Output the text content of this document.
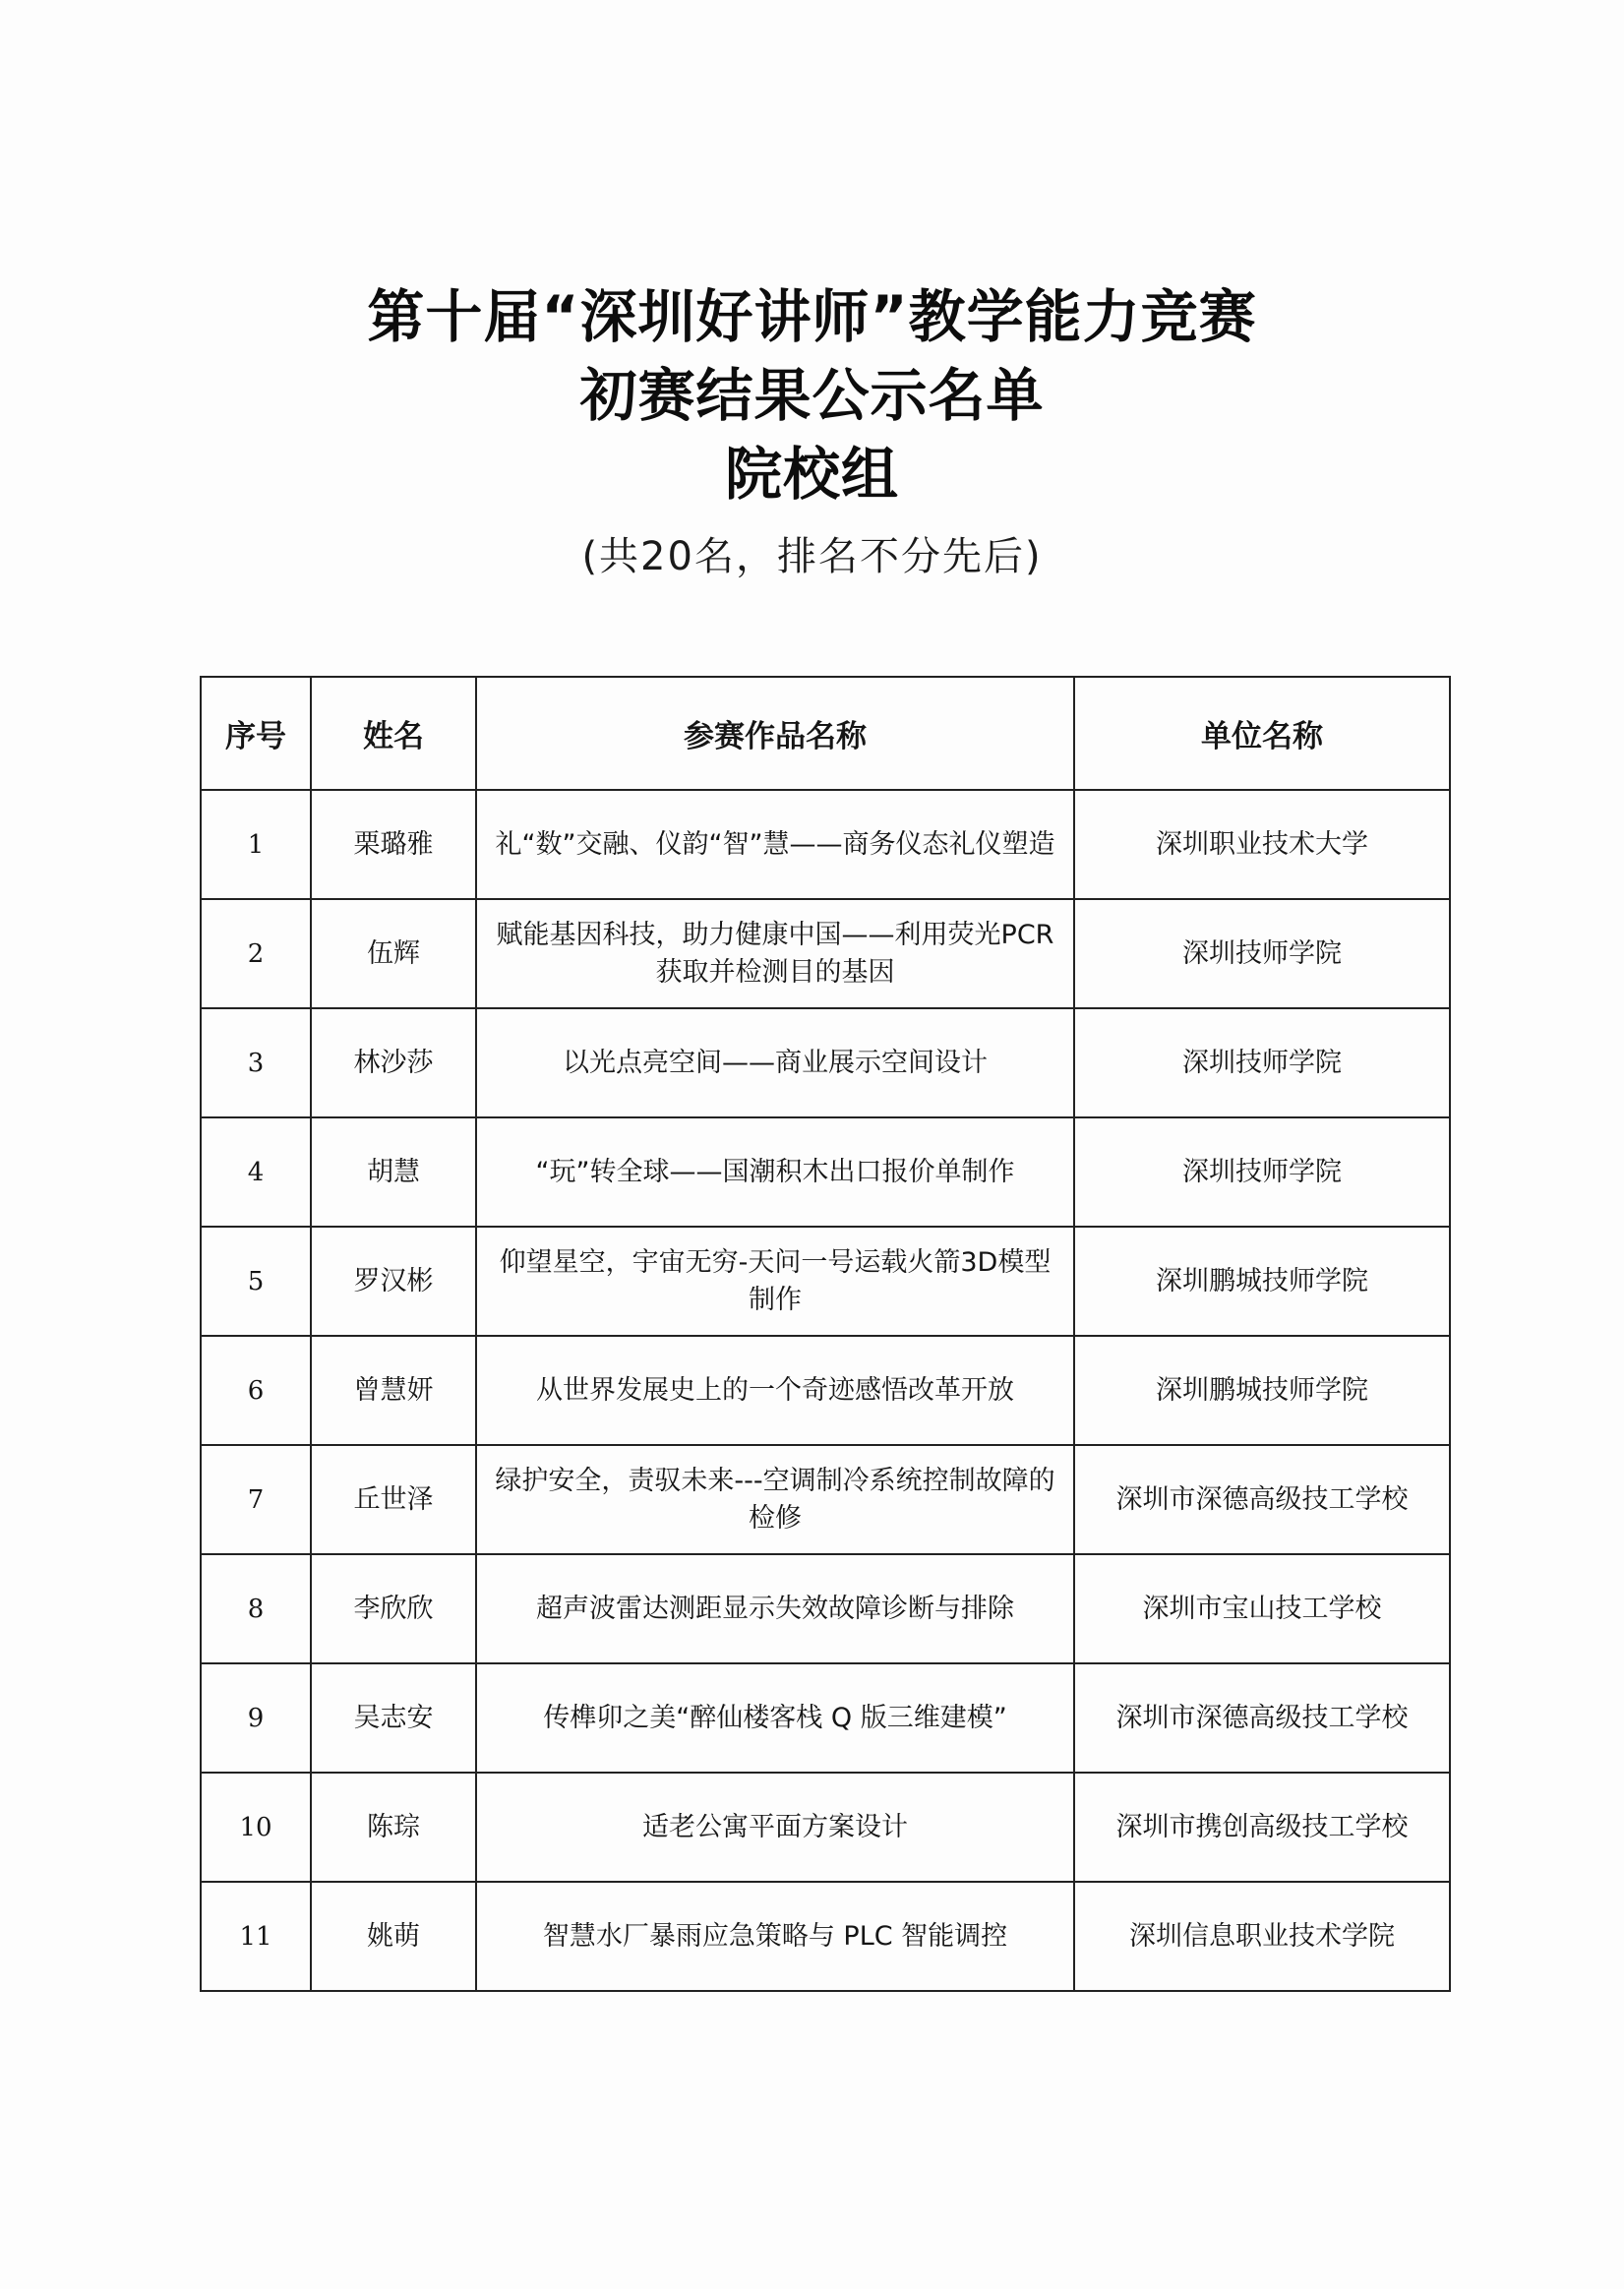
第十届“深圳好讲师”教学能力竞赛
初赛结果公示名单
院校组
(共20名，排名不分先后)
序号	姓名	参赛作品名称	单位名称
1	栗璐雅	礼“数”交融、仪韵“智”慧——商务仪态礼仪塑造	深圳职业技术大学
2	伍辉	赋能基因科技，助力健康中国——利用荧光PCR 获取并检测目的基因	深圳技师学院
3	林沙莎	以光点亮空间——商业展示空间设计	深圳技师学院
4	胡慧	“玩”转全球——国潮积木出口报价单制作	深圳技师学院
5	罗汉彬	仰望星空，宇宙无穷-天问一号运载火箭3D模型制作	深圳鹏城技师学院
6	曾慧妍	从世界发展史上的一个奇迹感悟改革开放	深圳鹏城技师学院
7	丘世泽	绿护安全，责驭未来---空调制冷系统控制故障的检修	深圳市深德高级技工学校
8	李欣欣	超声波雷达测距显示失效故障诊断与排除	深圳市宝山技工学校
9	吴志安	传榫卯之美“醉仙楼客栈 Q 版三维建模”	深圳市深德高级技工学校
10	陈琮	适老公寓平面方案设计	深圳市携创高级技工学校
11	姚萌	智慧水厂暴雨应急策略与 PLC 智能调控	深圳信息职业技术学院
